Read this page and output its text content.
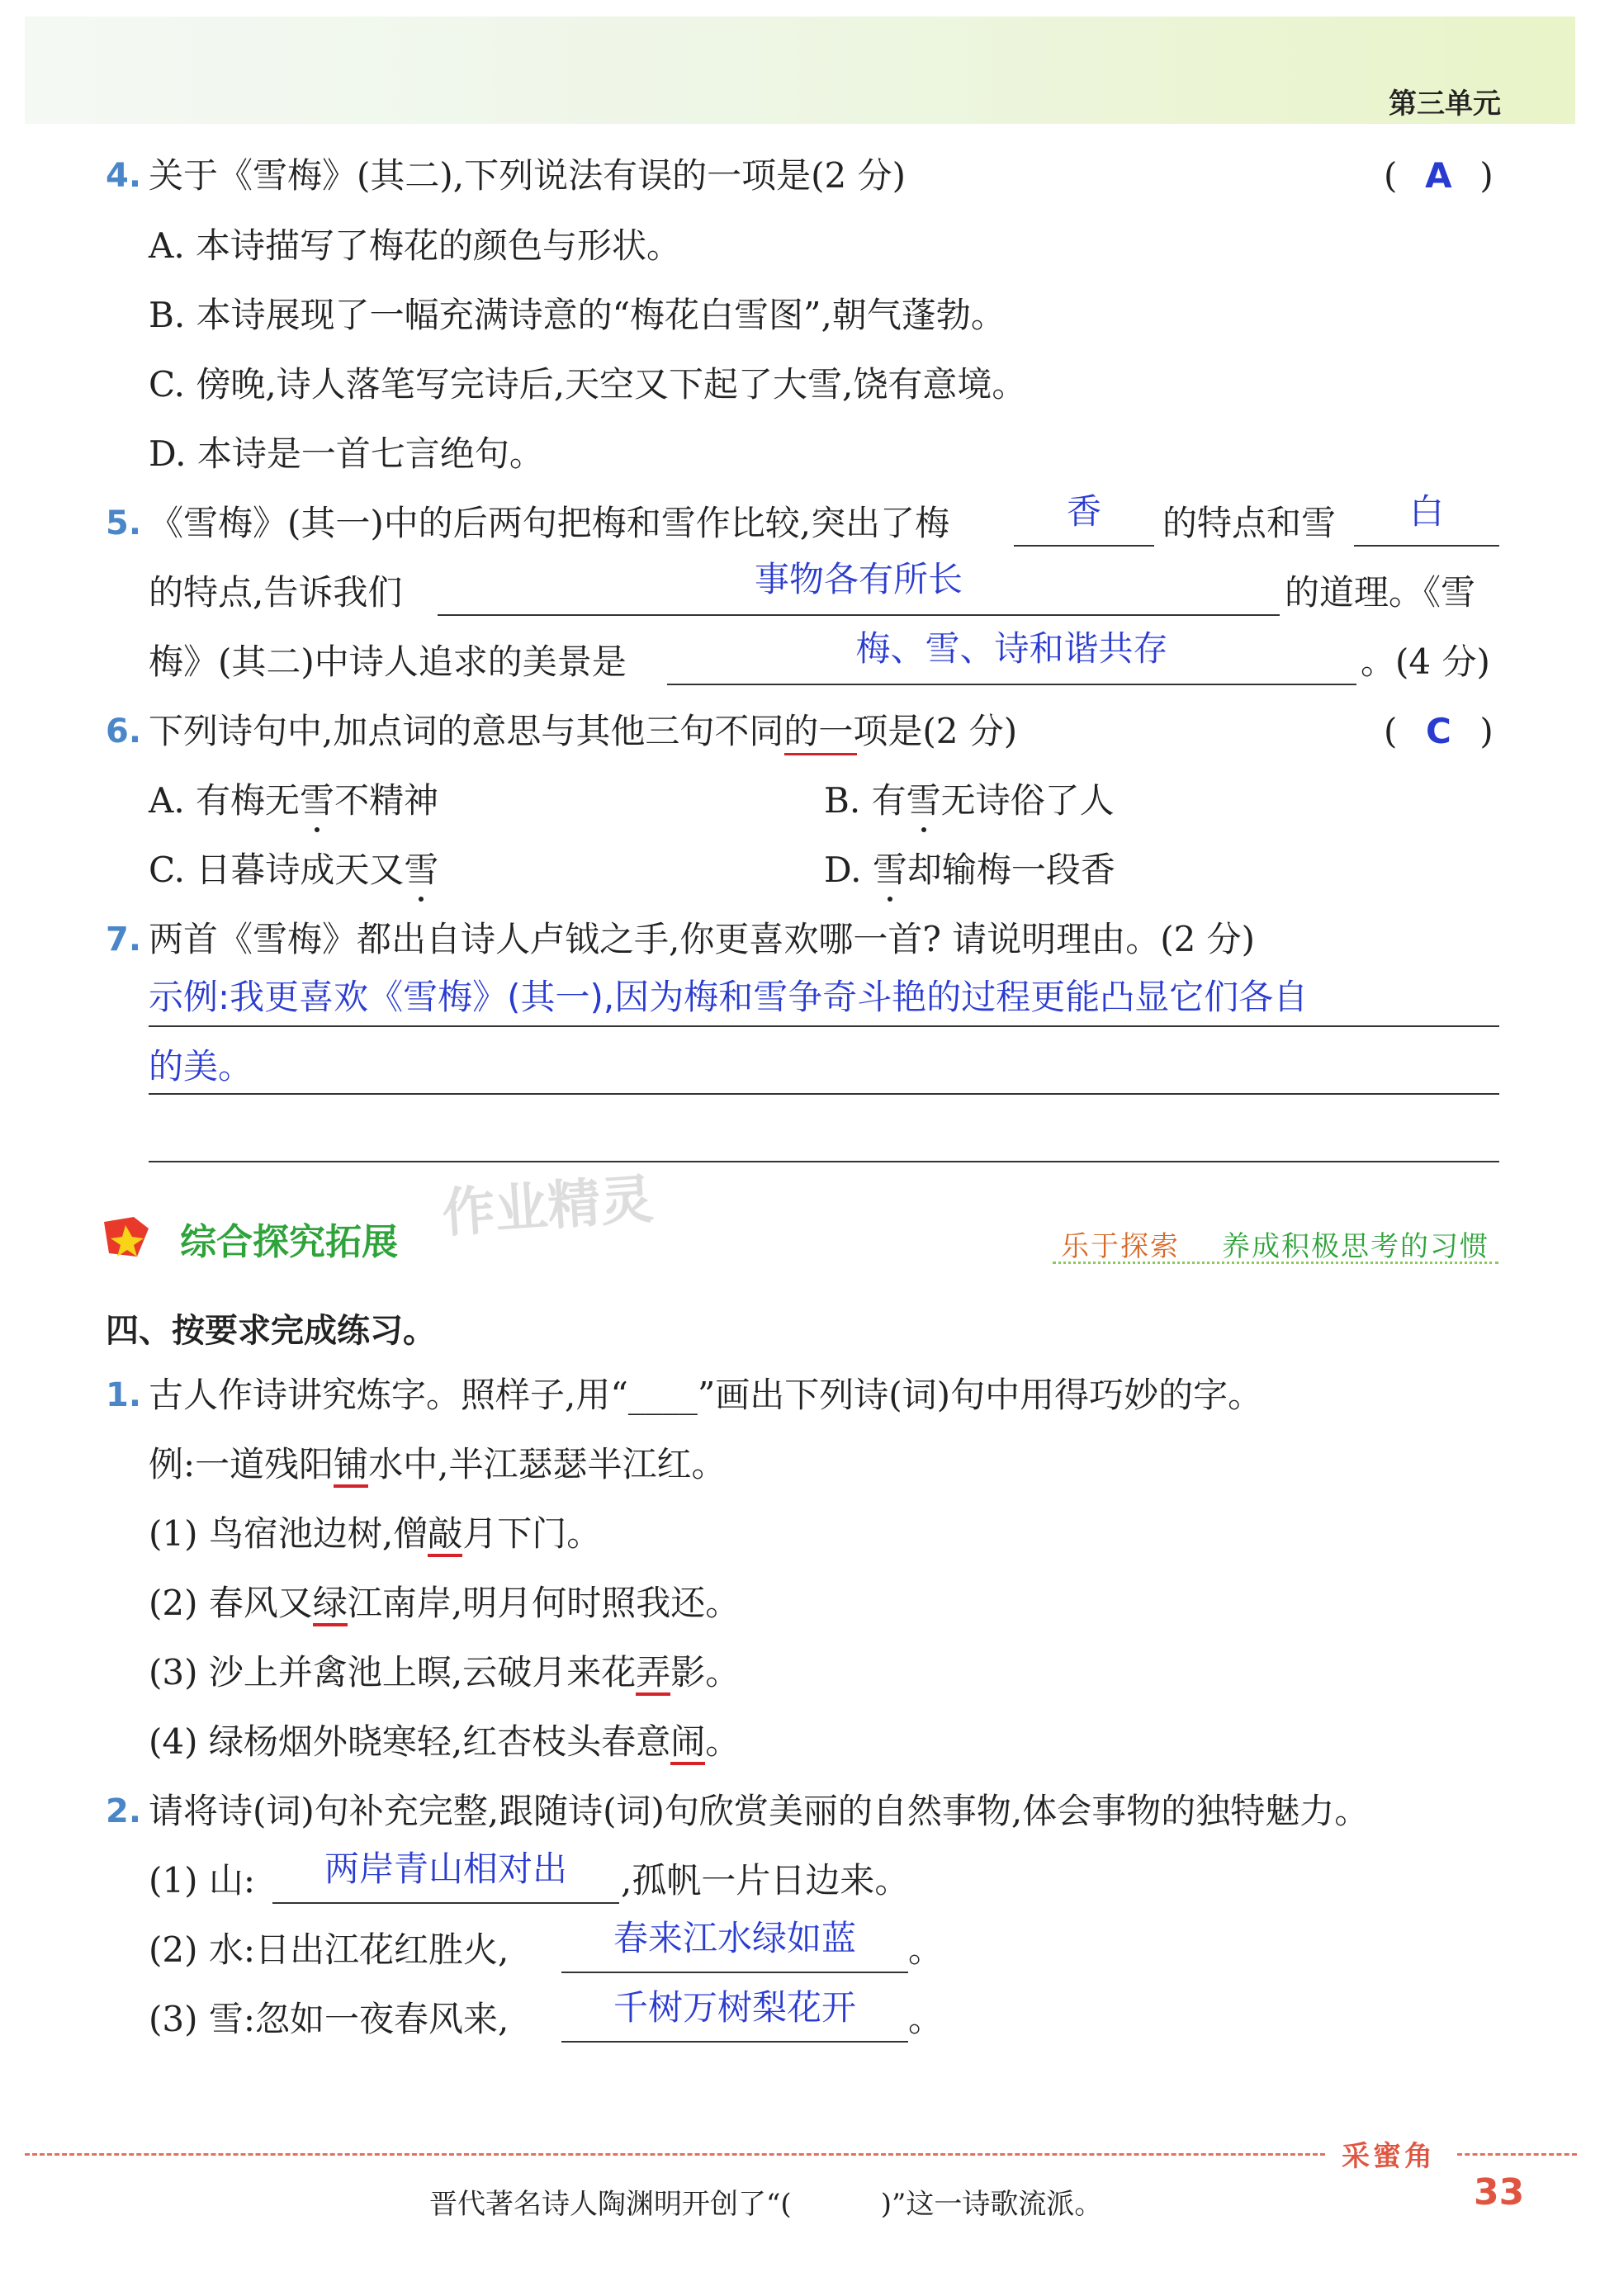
第三单元
4. 关于《雪梅》(其二),下列说法有误的一项是(2 分)	( A )
A. 本诗描写了梅花的颜色与形状。
B. 本诗展现了一幅充满诗意的“梅花白雪图”,朝气蓬勃。
C. 傍晚,诗人落笔写完诗后,天空又下起了大雪,饶有意境。
D. 本诗是一首七言绝句。
5. 《雪梅》(其一)中的后两句把梅和雪作比较,突出了梅	香	的特点和雪	白
的特点,告诉我们	事物各有所长	的道理。《雪
梅》(其二)中诗人追求的美景是	梅、雪、诗和谐共存	。(4 分)
6. 下列诗句中,加点词的意思与其他三句不同的一项是(2 分)	( C )
A. 有梅无雪不精神	B. 有雪无诗俗了人
C. 日暮诗成天又雪	D. 雪却输梅一段香
7. 两首《雪梅》都出自诗人卢钺之手,你更喜欢哪一首? 请说明理由。(2 分)
示例:我更喜欢《雪梅》(其一),因为梅和雪争奇斗艳的过程更能凸显它们各自
的美。
综合探究拓展 作业精灵
乐于探索 养成积极思考的习惯
四、按要求完成练习。
1. 古人作诗讲究炼字。照样子,用“____”画出下列诗(词)句中用得巧妙的字。
例:一道残阳铺水中,半江瑟瑟半江红。
(1) 鸟宿池边树,僧敲月下门。
(2) 春风又绿江南岸,明月何时照我还。
(3) 沙上并禽池上暝,云破月来花弄影。
(4) 绿杨烟外晓寒轻,红杏枝头春意闹。
2. 请将诗(词)句补充完整,跟随诗(词)句欣赏美丽的自然事物,体会事物的独特魅力。
(1) 山:	两岸青山相对出	,孤帆一片日边来。
(2) 水:日出江花红胜火,	春来江水绿如蓝	。
(3) 雪:忽如一夜春风来,	千树万树梨花开	。
采蜜角
33
晋代著名诗人陶渊明开创了“(          )”这一诗歌流派。
